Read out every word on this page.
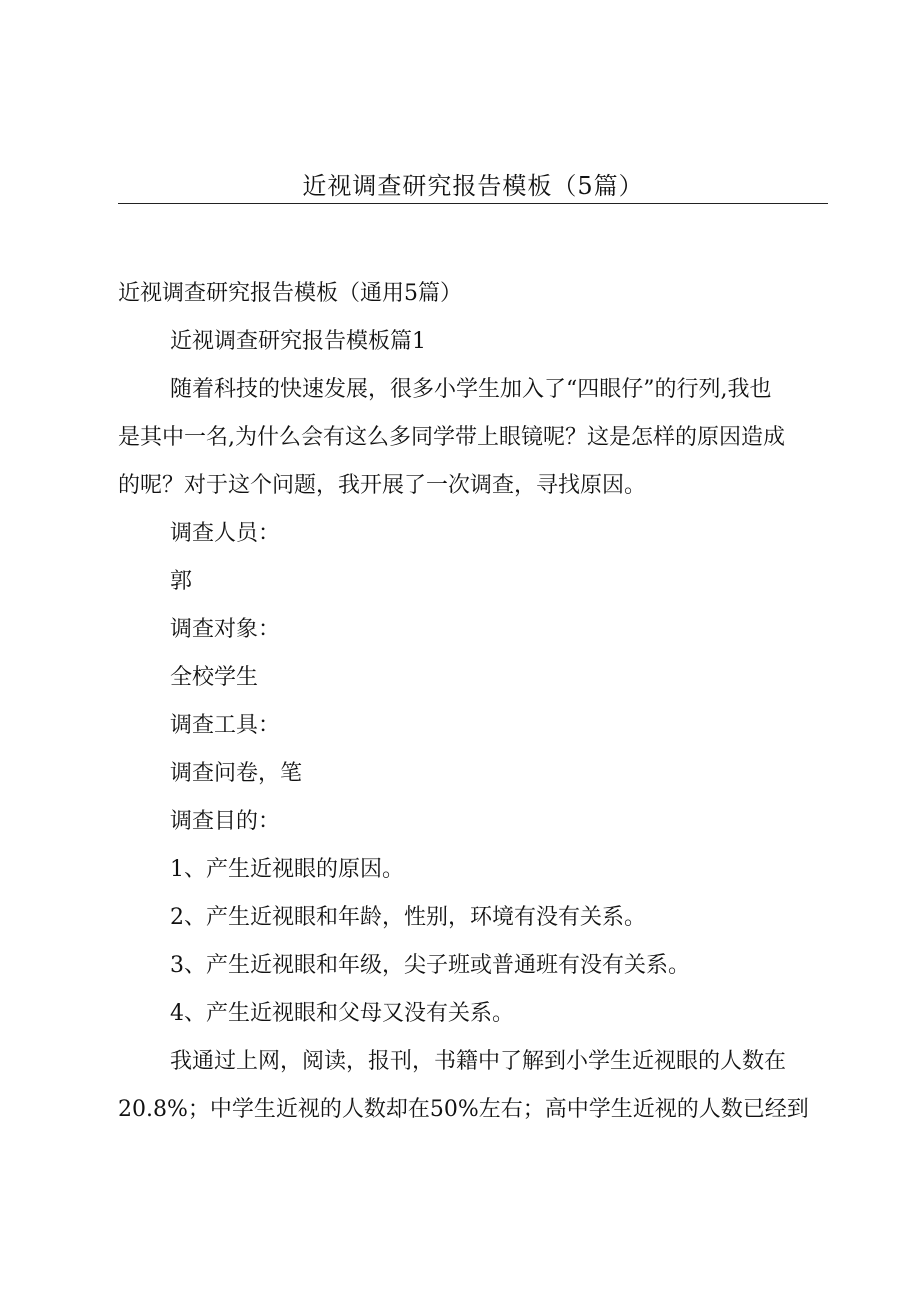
近视调查研究报告模板（5篇）

近视调查研究报告模板（通用5篇）

近视调查研究报告模板篇1

随着科技的快速发展，很多小学生加入了“四眼仔”的行列,我也
是其中一名,为什么会有这么多同学带上眼镜呢？这是怎样的原因造成
的呢？对于这个问题，我开展了一次调查，寻找原因。

调查人员：

郭

调查对象：

全校学生

调查工具：

调查问卷，笔

调查目的：

1、产生近视眼的原因。

2、产生近视眼和年龄，性别，环境有没有关系。

3、产生近视眼和年级，尖子班或普通班有没有关系。

4、产生近视眼和父母又没有关系。

我通过上网，阅读，报刊，书籍中了解到小学生近视眼的人数在
20.8%；中学生近视的人数却在50%左右；高中学生近视的人数已经到
